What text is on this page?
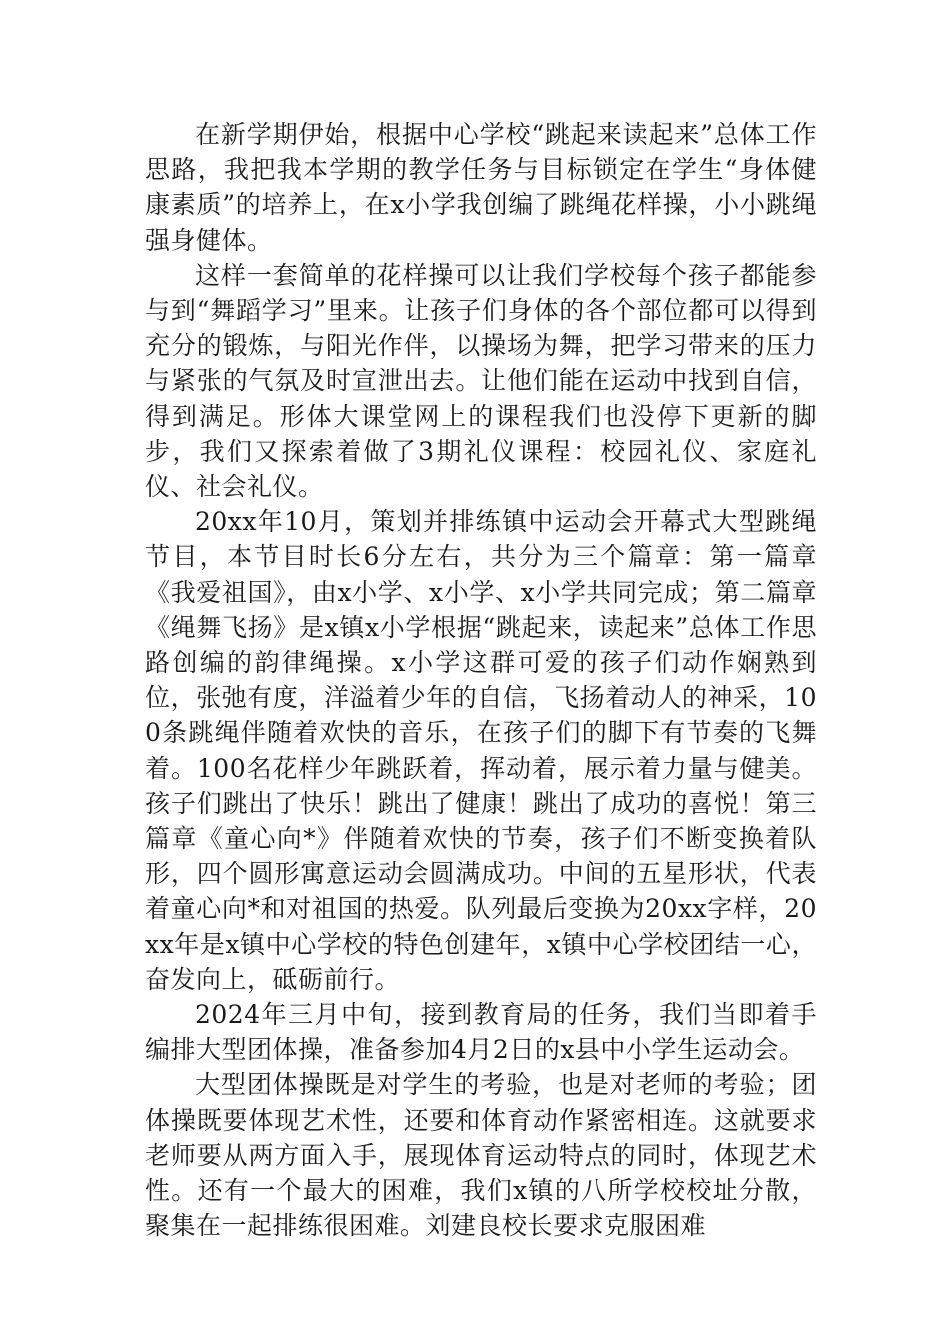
在新学期伊始，根据中心学校“跳起来读起来”总体工作思路，我把我本学期的教学任务与目标锁定在学生“身体健康素质”的培养上，在x小学我创编了跳绳花样操，小小跳绳强身健体。

这样一套简单的花样操可以让我们学校每个孩子都能参与到“舞蹈学习”里来。让孩子们身体的各个部位都可以得到充分的锻炼，与阳光作伴，以操场为舞，把学习带来的压力与紧张的气氛及时宣泄出去。让他们能在运动中找到自信，得到满足。形体大课堂网上的课程我们也没停下更新的脚步，我们又探索着做了3期礼仪课程：校园礼仪、家庭礼仪、社会礼仪。

20xx年10月，策划并排练镇中运动会开幕式大型跳绳节目，本节目时长6分左右，共分为三个篇章：第一篇章《我爱祖国》，由x小学、x小学、x小学共同完成；第二篇章《绳舞飞扬》是x镇x小学根据“跳起来，读起来”总体工作思路创编的韵律绳操。x小学这群可爱的孩子们动作娴熟到位，张弛有度，洋溢着少年的自信，飞扬着动人的神采，100条跳绳伴随着欢快的音乐，在孩子们的脚下有节奏的飞舞着。100名花样少年跳跃着，挥动着，展示着力量与健美。孩子们跳出了快乐！跳出了健康！跳出了成功的喜悦！第三篇章《童心向*》伴随着欢快的节奏，孩子们不断变换着队形，四个圆形寓意运动会圆满成功。中间的五星形状，代表着童心向*和对祖国的热爱。队列最后变换为20xx字样，20xx年是x镇中心学校的特色创建年，x镇中心学校团结一心，奋发向上，砥砺前行。

2024年三月中旬，接到教育局的任务，我们当即着手编排大型团体操，准备参加4月2日的x县中小学生运动会。

大型团体操既是对学生的考验，也是对老师的考验；团体操既要体现艺术性，还要和体育动作紧密相连。这就要求老师要从两方面入手，展现体育运动特点的同时，体现艺术性。还有一个最大的困难，我们x镇的八所学校校址分散，聚集在一起排练很困难。刘建良校长要求克服困难
